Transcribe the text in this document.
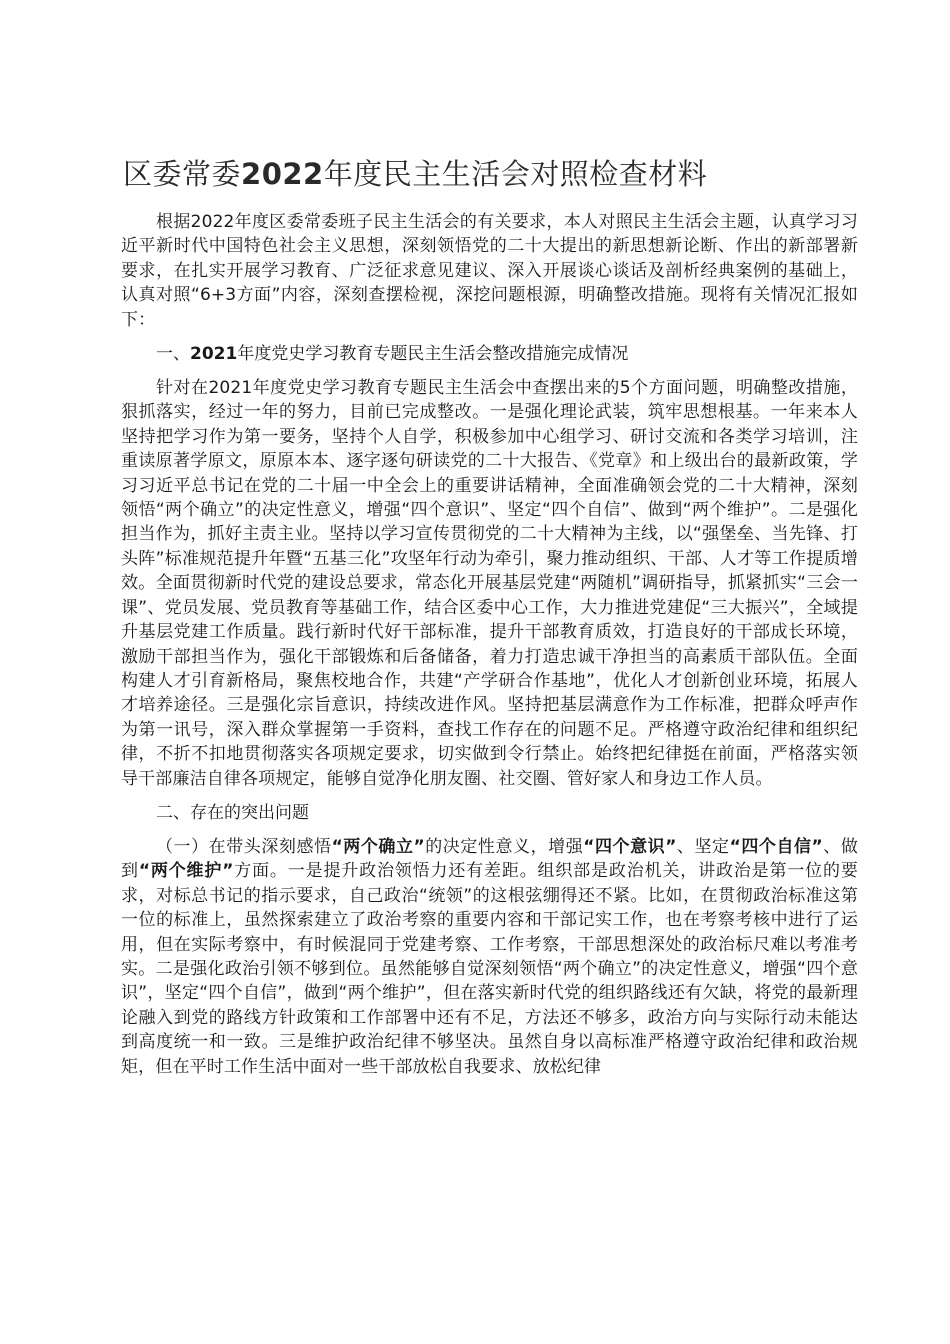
区委常委2022年度民主生活会对照检查材料

根据2022年度区委常委班子民主生活会的有关要求，本人对照民主生活会主题，认真学习习近平新时代中国特色社会主义思想，深刻领悟党的二十大提出的新思想新论断、作出的新部署新要求，在扎实开展学习教育、广泛征求意见建议、深入开展谈心谈话及剖析经典案例的基础上，认真对照“6+3方面”内容，深刻查摆检视，深挖问题根源，明确整改措施。现将有关情况汇报如下：

一、2021年度党史学习教育专题民主生活会整改措施完成情况

针对在2021年度党史学习教育专题民主生活会中查摆出来的5个方面问题，明确整改措施，狠抓落实，经过一年的努力，目前已完成整改。一是强化理论武装，筑牢思想根基。一年来本人坚持把学习作为第一要务，坚持个人自学，积极参加中心组学习、研讨交流和各类学习培训，注重读原著学原文，原原本本、逐字逐句研读党的二十大报告、《党章》和上级出台的最新政策，学习习近平总书记在党的二十届一中全会上的重要讲话精神，全面准确领会党的二十大精神，深刻领悟“两个确立”的决定性意义，增强“四个意识”、坚定“四个自信”、做到“两个维护”。二是强化担当作为，抓好主责主业。坚持以学习宣传贯彻党的二十大精神为主线，以“强堡垒、当先锋、打头阵”标准规范提升年暨“五基三化”攻坚年行动为牵引，聚力推动组织、干部、人才等工作提质增效。全面贯彻新时代党的建设总要求，常态化开展基层党建“两随机”调研指导，抓紧抓实“三会一课”、党员发展、党员教育等基础工作，结合区委中心工作，大力推进党建促“三大振兴”，全域提升基层党建工作质量。践行新时代好干部标准，提升干部教育质效，打造良好的干部成长环境，激励干部担当作为，强化干部锻炼和后备储备，着力打造忠诚干净担当的高素质干部队伍。全面构建人才引育新格局，聚焦校地合作，共建“产学研合作基地”，优化人才创新创业环境，拓展人才培养途径。三是强化宗旨意识，持续改进作风。坚持把基层满意作为工作标准，把群众呼声作为第一讯号，深入群众掌握第一手资料，查找工作存在的问题不足。严格遵守政治纪律和组织纪律，不折不扣地贯彻落实各项规定要求，切实做到令行禁止。始终把纪律挺在前面，严格落实领导干部廉洁自律各项规定，能够自觉净化朋友圈、社交圈、管好家人和身边工作人员。

二、存在的突出问题

（一）在带头深刻感悟“两个确立”的决定性意义，增强“四个意识”、坚定“四个自信”、做到“两个维护”方面。一是提升政治领悟力还有差距。组织部是政治机关，讲政治是第一位的要求，对标总书记的指示要求，自己政治“统领”的这根弦绷得还不紧。比如，在贯彻政治标准这第一位的标准上，虽然探索建立了政治考察的重要内容和干部记实工作，也在考察考核中进行了运用，但在实际考察中，有时候混同于党建考察、工作考察，干部思想深处的政治标尺难以考准考实。二是强化政治引领不够到位。虽然能够自觉深刻领悟“两个确立”的决定性意义，增强“四个意识”，坚定“四个自信”，做到“两个维护”，但在落实新时代党的组织路线还有欠缺，将党的最新理论融入到党的路线方针政策和工作部署中还有不足，方法还不够多，政治方向与实际行动未能达到高度统一和一致。三是维护政治纪律不够坚决。虽然自身以高标准严格遵守政治纪律和政治规矩，但在平时工作生活中面对一些干部放松自我要求、放松纪律
